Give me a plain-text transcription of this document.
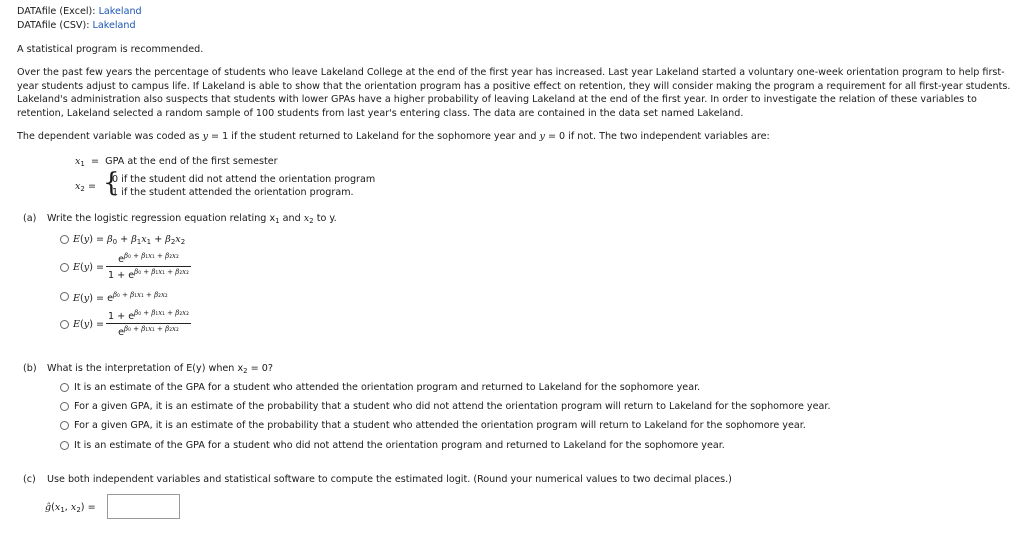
DATAfile (Excel): Lakeland
DATAfile (CSV): Lakeland
A statistical program is recommended.
Over the past few years the percentage of students who leave Lakeland College at the end of the first year has increased. Last year Lakeland started a voluntary one-week orientation program to help first-year students adjust to campus life. If Lakeland is able to show that the orientation program has a positive effect on retention, they will consider making the program a requirement for all first-year students. Lakeland's administration also suspects that students with lower GPAs have a higher probability of leaving Lakeland at the end of the first year. In order to investigate the relation of these variables to retention, Lakeland selected a random sample of 100 students from last year's entering class. The data are contained in the data set named Lakeland.
The dependent variable was coded as y = 1 if the student returned to Lakeland for the sophomore year and y = 0 if not. The two independent variables are:
$x_1$  =  GPA at the end of the first semester
$x_2$ = {
0 if the student did not attend the orientation program
1 if the student attended the orientation program.
(a) Write the logistic regression equation relating $x_1$ and $x_2$ to y.
$E(y) = \beta_0 + \beta_1x_1 + \beta_2x_2$
$E(y) = \frac{e^{\beta_0 + \beta_1x_1 + \beta_2x_2}}{1 + e^{\beta_0 + \beta_1x_1 + \beta_2x_2}}$
$E(y) = e^{\beta_0 + \beta_1x_1 + \beta_2x_2}$
$E(y) = \frac{1 + e^{\beta_0 + \beta_1x_1 + \beta_2x_2}}{e^{\beta_0 + \beta_1x_1 + \beta_2x_2}}$
(b) What is the interpretation of E(y) when $x_2 = 0$?
It is an estimate of the GPA for a student who attended the orientation program and returned to Lakeland for the sophomore year.
For a given GPA, it is an estimate of the probability that a student who did not attend the orientation program will return to Lakeland for the sophomore year.
For a given GPA, it is an estimate of the probability that a student who attended the orientation program will return to Lakeland for the sophomore year.
It is an estimate of the GPA for a student who did not attend the orientation program and returned to Lakeland for the sophomore year.
(c) Use both independent variables and statistical software to compute the estimated logit. (Round your numerical values to two decimal places.)
$ĝ(x_1$, $x_2$) =
